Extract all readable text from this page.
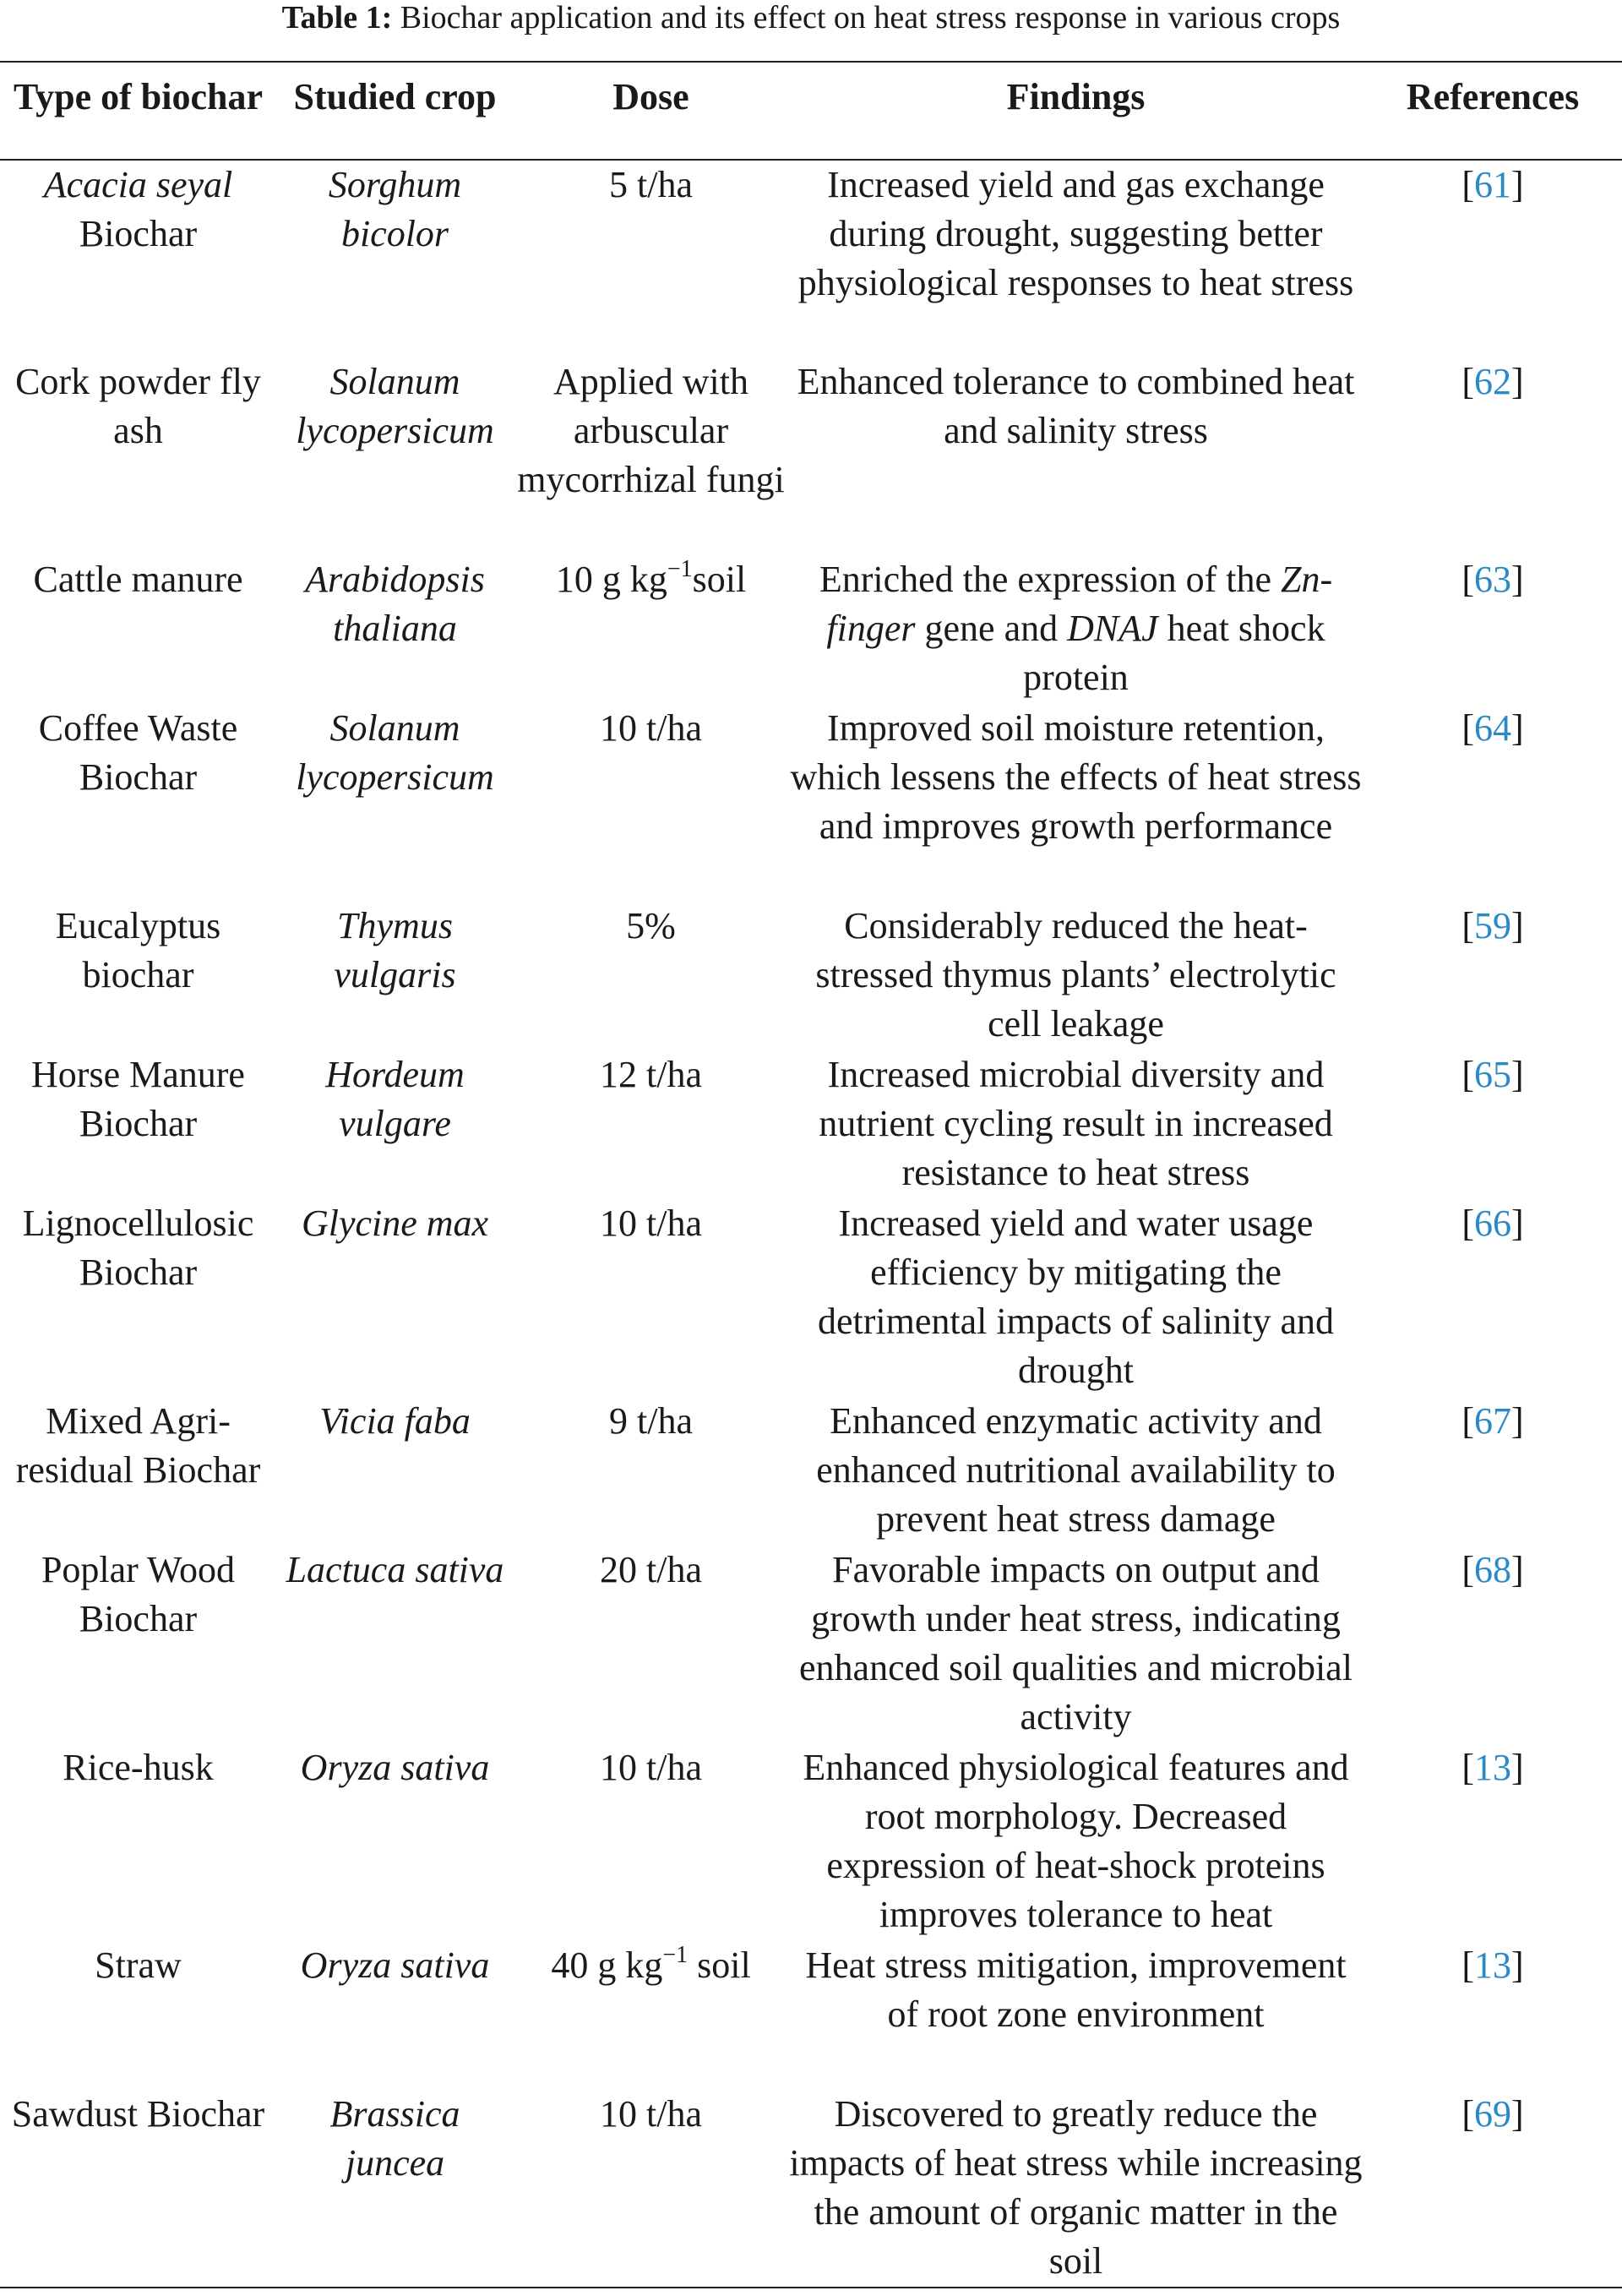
Table 1: Biochar application and its effect on heat stress response in various crops
Type of biochar	Studied crop	Dose	Findings	References
Acacia seyal Biochar	Sorghum bicolor	5 t/ha	Increased yield and gas exchange during drought, suggesting better physiological responses to heat stress	[61]
Cork powder fly ash	Solanum lycopersicum	Applied with arbuscular mycorrhizal fungi	Enhanced tolerance to combined heat and salinity stress	[62]
Cattle manure	Arabidopsis thaliana	10 g $kg^{-1}soil$	Enriched the expression of the Zn-finger gene and DNAJ heat shock protein	[63]
Coffee Waste Biochar	Solanum lycopersicum	10 t/ha	Improved soil moisture retention, which lessens the effects of heat stress and improves growth performance	[64]
Eucalyptus biochar	Thymus vulgaris	5%	Considerably reduced the heat-stressed thymus plants’ electrolytic cell leakage	[59]
Horse Manure Biochar	Hordeum vulgare	12 t/ha	Increased microbial diversity and nutrient cycling result in increased resistance to heat stress	[65]
Lignocellulosic Biochar	Glycine max	10 t/ha	Increased yield and water usage efficiency by mitigating the detrimental impacts of salinity and drought	[66]
Mixed Agri-residual Biochar	Vicia faba	9 t/ha	Enhanced enzymatic activity and enhanced nutritional availability to prevent heat stress damage	[67]
Poplar Wood Biochar	Lactuca sativa	20 t/ha	Favorable impacts on output and growth under heat stress, indicating enhanced soil qualities and microbial activity	[68]
Rice-husk	Oryza sativa	10 t/ha	Enhanced physiological features and root morphology. Decreased expression of heat-shock proteins improves tolerance to heat	[13]
Straw	Oryza sativa	40 g $kg^{-1}$ soil	Heat stress mitigation, improvement of root zone environment	[13]
Sawdust Biochar	Brassica juncea	10 t/ha	Discovered to greatly reduce the impacts of heat stress while increasing the amount of organic matter in the soil	[69]
